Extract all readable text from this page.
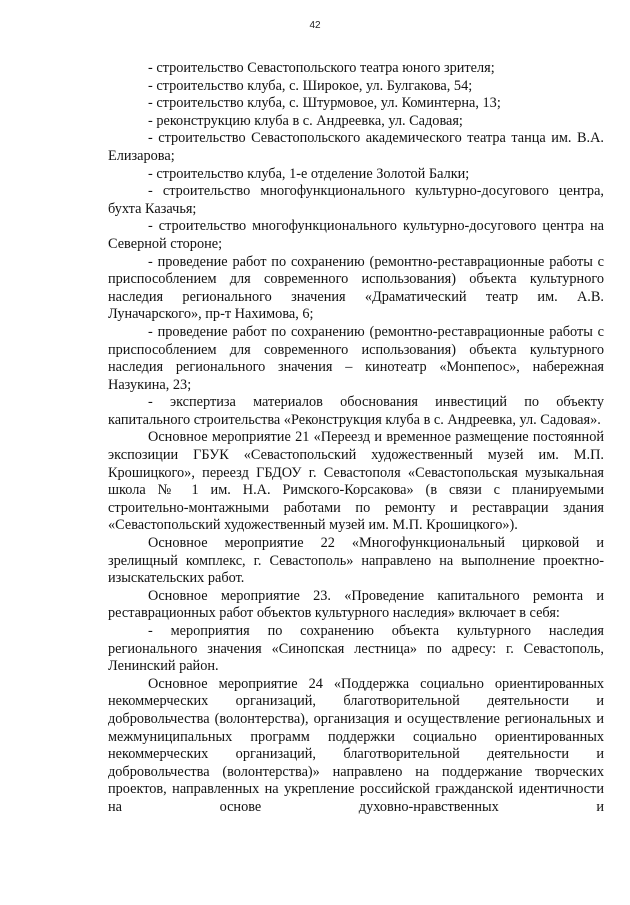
42

- строительство Севастопольского театра юного зрителя;

- строительство клуба, с. Широкое, ул. Булгакова, 54;

- строительство клуба, с. Штурмовое, ул. Коминтерна, 13;

- реконструкцию клуба в с. Андреевка, ул. Садовая;

- строительство Севастопольского академического театра танца им. В.А. Елизарова;

- строительство клуба, 1-е отделение Золотой Балки;

- строительство многофункционального культурно-досугового центра, бухта Казачья;

- строительство многофункционального культурно-досугового центра на Северной стороне;

- проведение работ по сохранению (ремонтно-реставрационные работы с приспособлением для современного использования) объекта культурного наследия регионального значения «Драматический театр им. А.В. Луначарского», пр-т Нахимова, 6;

- проведение работ по сохранению (ремонтно-реставрационные работы с приспособлением для современного использования) объекта культурного наследия регионального значения – кинотеатр «Монпепос», набережная Назукина, 23;

- экспертиза материалов обоснования инвестиций по объекту капитального строительства «Реконструкция клуба в с. Андреевка, ул. Садовая».

Основное мероприятие 21 «Переезд и временное размещение постоянной экспозиции ГБУК «Севастопольский художественный музей им. М.П. Крошицкого», переезд ГБДОУ г. Севастополя «Севастопольская музыкальная школа № 1 им. Н.А. Римского-Корсакова» (в связи с планируемыми строительно-монтажными работами по ремонту и реставрации здания «Севастопольский художественный музей им. М.П. Крошицкого»).

Основное мероприятие 22 «Многофункциональный цирковой и зрелищный комплекс, г. Севастополь» направлено на выполнение проектно-изыскательских работ.

Основное мероприятие 23. «Проведение капитального ремонта и реставрационных работ объектов культурного наследия» включает в себя:

- мероприятия по сохранению объекта культурного наследия регионального значения «Синопская лестница» по адресу: г. Севастополь, Ленинский район.

Основное мероприятие 24 «Поддержка социально ориентированных некоммерческих организаций, благотворительной деятельности и добровольчества (волонтерства), организация и осуществление региональных и межмуниципальных программ поддержки социально ориентированных некоммерческих организаций, благотворительной деятельности и добровольчества (волонтерства)» направлено на поддержание творческих проектов, направленных на укрепление российской гражданской идентичности на основе духовно-нравственных и
